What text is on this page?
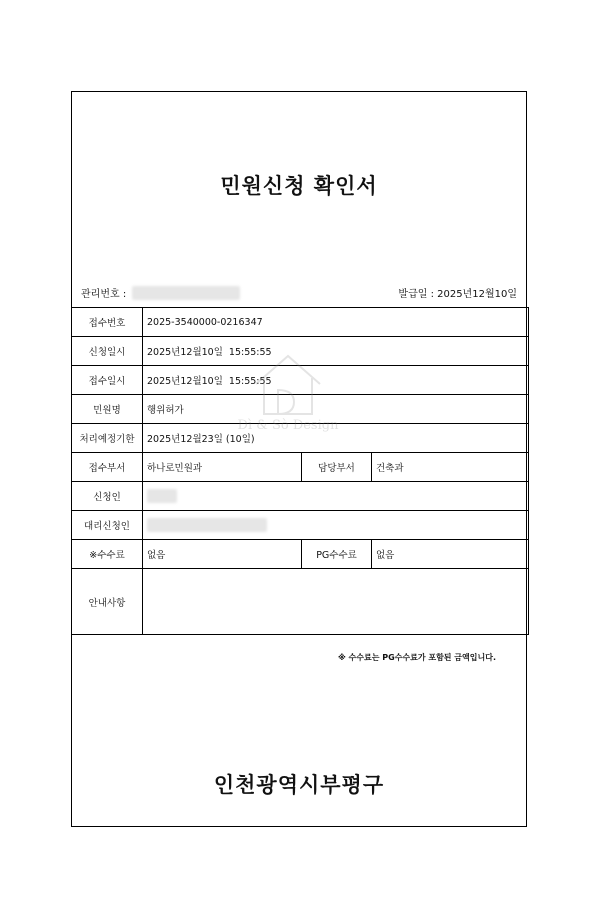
민원신청 확인서
관리번호 :	발급일 : 2025년12월10일
접수번호	2025-3540000-0216347		
신청일시	2025년12월10일  15:55:55		
접수일시	2025년12월10일  15:55:55		
민원명	행위허가		
처리예정기한	2025년12월23일 (10일)		
접수부서	하나로민원과	담당부서	건축과
신청인			
대리신청인			
※수수료	없음	PG수수료	없음
안내사항			
※ 수수료는 PG수수료가 포함된 금액입니다.
인천광역시부평구
Dì & Sò Design
